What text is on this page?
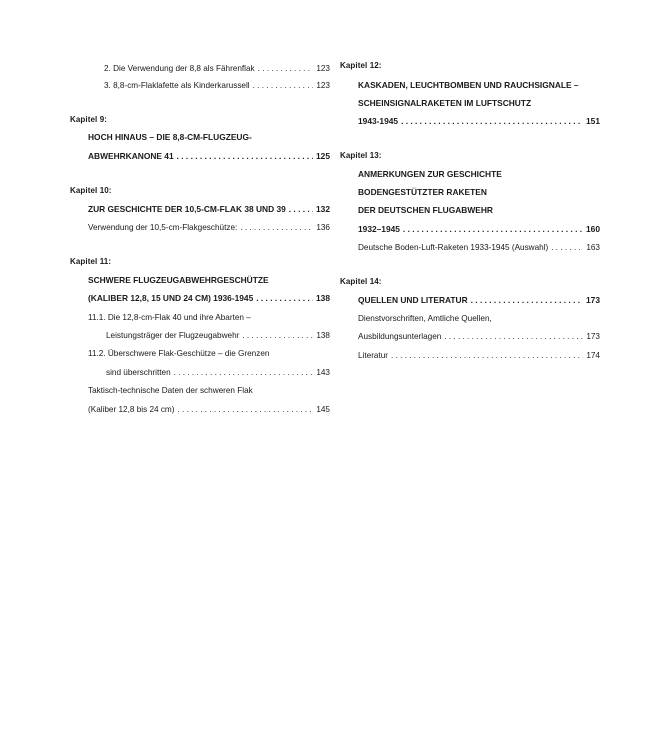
2. Die Verwendung der 8,8 als Fährenflak . . .	123
3. 8,8-cm-Flaklafette als Kinderkarussell . . .	123
Kapitel 9:
HOCH HINAUS – DIE 8,8-CM-FLUGZEUG-
ABWEHRKANONE 41 . . .	125
Kapitel 10:
ZUR GESCHICHTE DER 10,5-CM-FLAK 38 UND 39 . . .	132
Verwendung der 10,5-cm-Flakgeschütze: . . .	136
Kapitel 11:
SCHWERE FLUGZEUGABWEHRGESCHÜTZE
(KALIBER 12,8, 15 UND 24 CM) 1936-1945 . . .	138
11.1. Die 12,8-cm-Flak 40 und ihre Abarten –
Leistungsträger der Flugzeugabwehr . . .	138
11.2. Überschwere Flak-Geschütze – die Grenzen
sind überschritten . . .	143
Taktisch-technische Daten der schweren Flak
(Kaliber 12,8 bis 24 cm) . . .	145
Kapitel 12:
KASKADEN, LEUCHTBOMBEN UND RAUCHSIGNALE –
SCHEINSIGNALRAKETEN IM LUFTSCHUTZ
1943-1945 . . .	151
Kapitel 13:
ANMERKUNGEN ZUR GESCHICHTE
BODENGESTÜTZTER RAKETEN
DER DEUTSCHEN FLUGABWEHR
1932–1945 . . .	160
Deutsche Boden-Luft-Raketen 1933-1945 (Auswahl) . . .	163
Kapitel 14:
QUELLEN UND LITERATUR . . .	173
Dienstvorschriften, Amtliche Quellen,
Ausbildungsunterlagen . . .	173
Literatur . . .	174
